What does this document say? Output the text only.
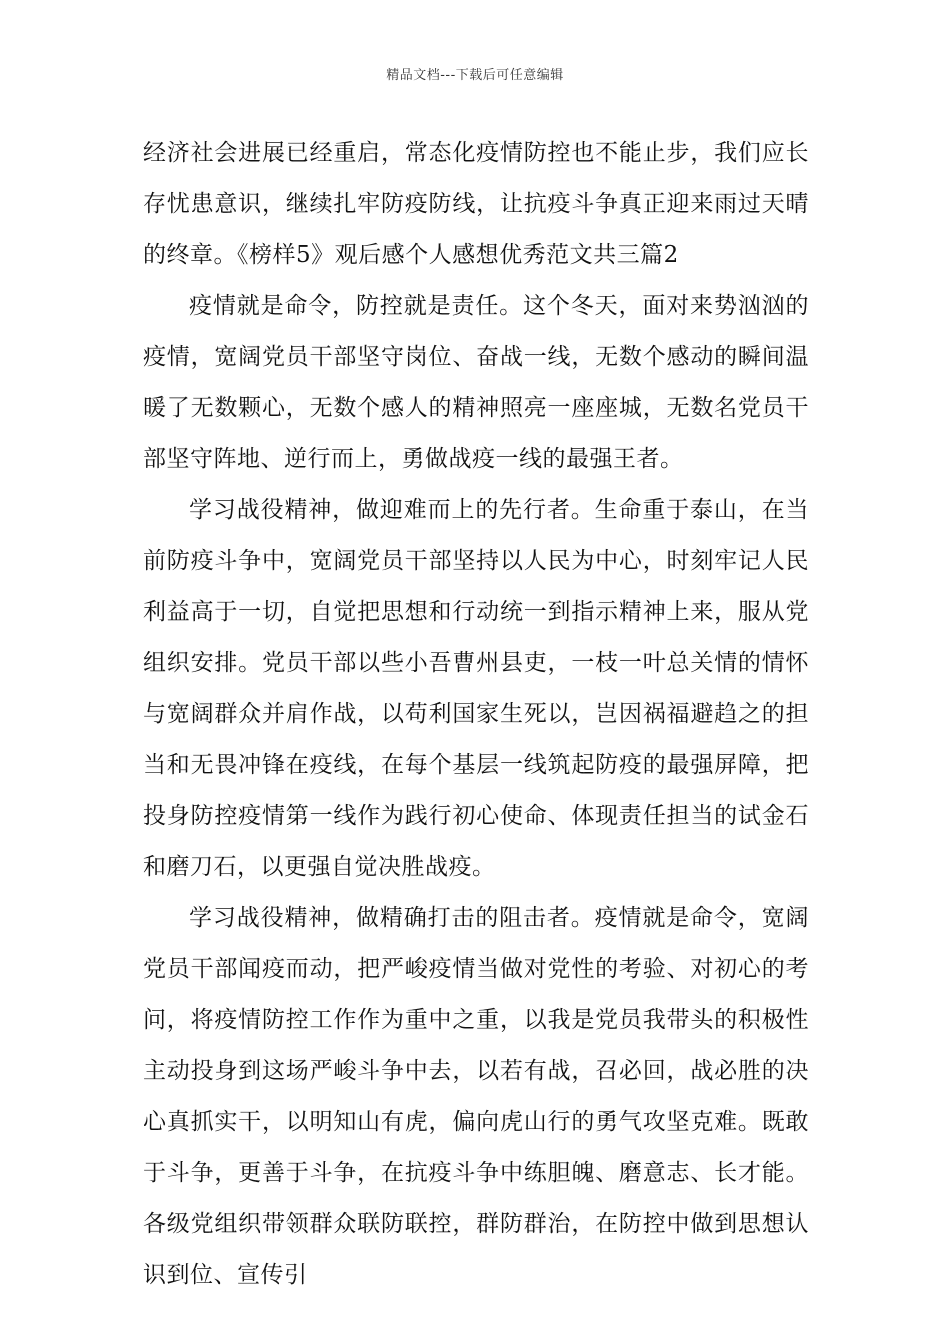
精品文档---下载后可任意编辑

经济社会进展已经重启，常态化疫情防控也不能止步，我们应长存忧患意识，继续扎牢防疫防线，让抗疫斗争真正迎来雨过天晴的终章。《榜样5》观后感个人感想优秀范文共三篇2

疫情就是命令，防控就是责任。这个冬天，面对来势汹汹的疫情，宽阔党员干部坚守岗位、奋战一线，无数个感动的瞬间温暖了无数颗心，无数个感人的精神照亮一座座城，无数名党员干部坚守阵地、逆行而上，勇做战疫一线的最强王者。

学习战役精神，做迎难而上的先行者。生命重于泰山，在当前防疫斗争中，宽阔党员干部坚持以人民为中心，时刻牢记人民利益高于一切，自觉把思想和行动统一到指示精神上来，服从党组织安排。党员干部以些小吾曹州县吏，一枝一叶总关情的情怀与宽阔群众并肩作战，以苟利国家生死以，岂因祸福避趋之的担当和无畏冲锋在疫线，在每个基层一线筑起防疫的最强屏障，把投身防控疫情第一线作为践行初心使命、体现责任担当的试金石和磨刀石，以更强自觉决胜战疫。

学习战役精神，做精确打击的阻击者。疫情就是命令，宽阔党员干部闻疫而动，把严峻疫情当做对党性的考验、对初心的考问，将疫情防控工作作为重中之重，以我是党员我带头的积极性主动投身到这场严峻斗争中去，以若有战，召必回，战必胜的决心真抓实干，以明知山有虎，偏向虎山行的勇气攻坚克难。既敢于斗争，更善于斗争，在抗疫斗争中练胆魄、磨意志、长才能。各级党组织带领群众联防联控，群防群治，在防控中做到思想认识到位、宣传引
